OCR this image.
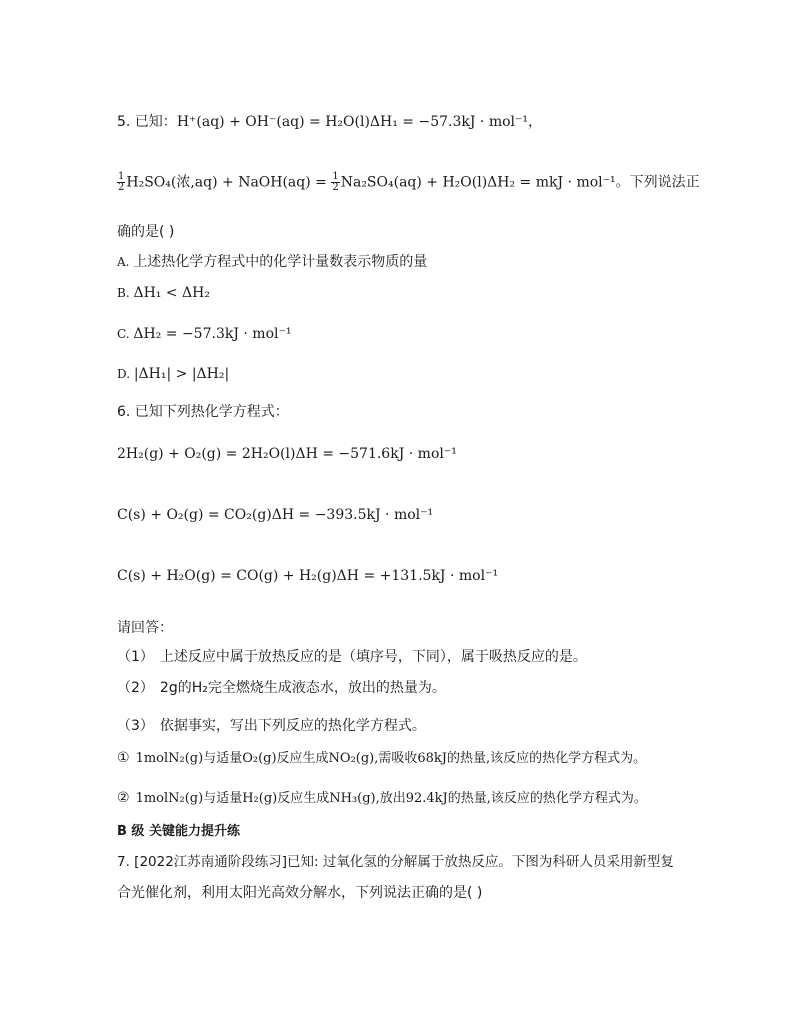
5. 已知：H⁺(aq) + OH⁻(aq) = H₂O(l)ΔH₁ = −57.3kJ · mol⁻¹，
$\frac{1}{2} H_2SO_4$(浓,aq) + NaOH(aq) = $\frac{1}{2} Na_2SO_4(aq) + H_2O(l)\Delta H_2$ = mkJ · mol⁻¹。下列说法正
确的是( )
A. 上述热化学方程式中的化学计量数表示物质的量
B. ΔH₁ < ΔH₂
C. ΔH₂ = −57.3kJ · mol⁻¹
D. |ΔH₁| > |ΔH₂|
6. 已知下列热化学方程式：
2H₂(g) + O₂(g) = 2H₂O(l)ΔH = −571.6kJ · mol⁻¹
C(s) + O₂(g) = CO₂(g)ΔH = −393.5kJ · mol⁻¹
C(s) + H₂O(g) = CO(g) + H₂(g)ΔH = +131.5kJ · mol⁻¹
请回答：
（1） 上述反应中属于放热反应的是（填序号，下同），属于吸热反应的是。
（2） 2g的H₂完全燃烧生成液态水，放出的热量为。
（3） 依据事实，写出下列反应的热化学方程式。
① 1molN₂(g)与适量O₂(g)反应生成NO₂(g),需吸收68kJ的热量,该反应的热化学方程式为。
② 1molN₂(g)与适量H₂(g)反应生成NH₃(g),放出92.4kJ的热量,该反应的热化学方程式为。
B 级 关键能力提升练
7. [2022江苏南通阶段练习]已知: 过氧化氢的分解属于放热反应。下图为科研人员采用新型复
合光催化剂，利用太阳光高效分解水，下列说法正确的是( )
